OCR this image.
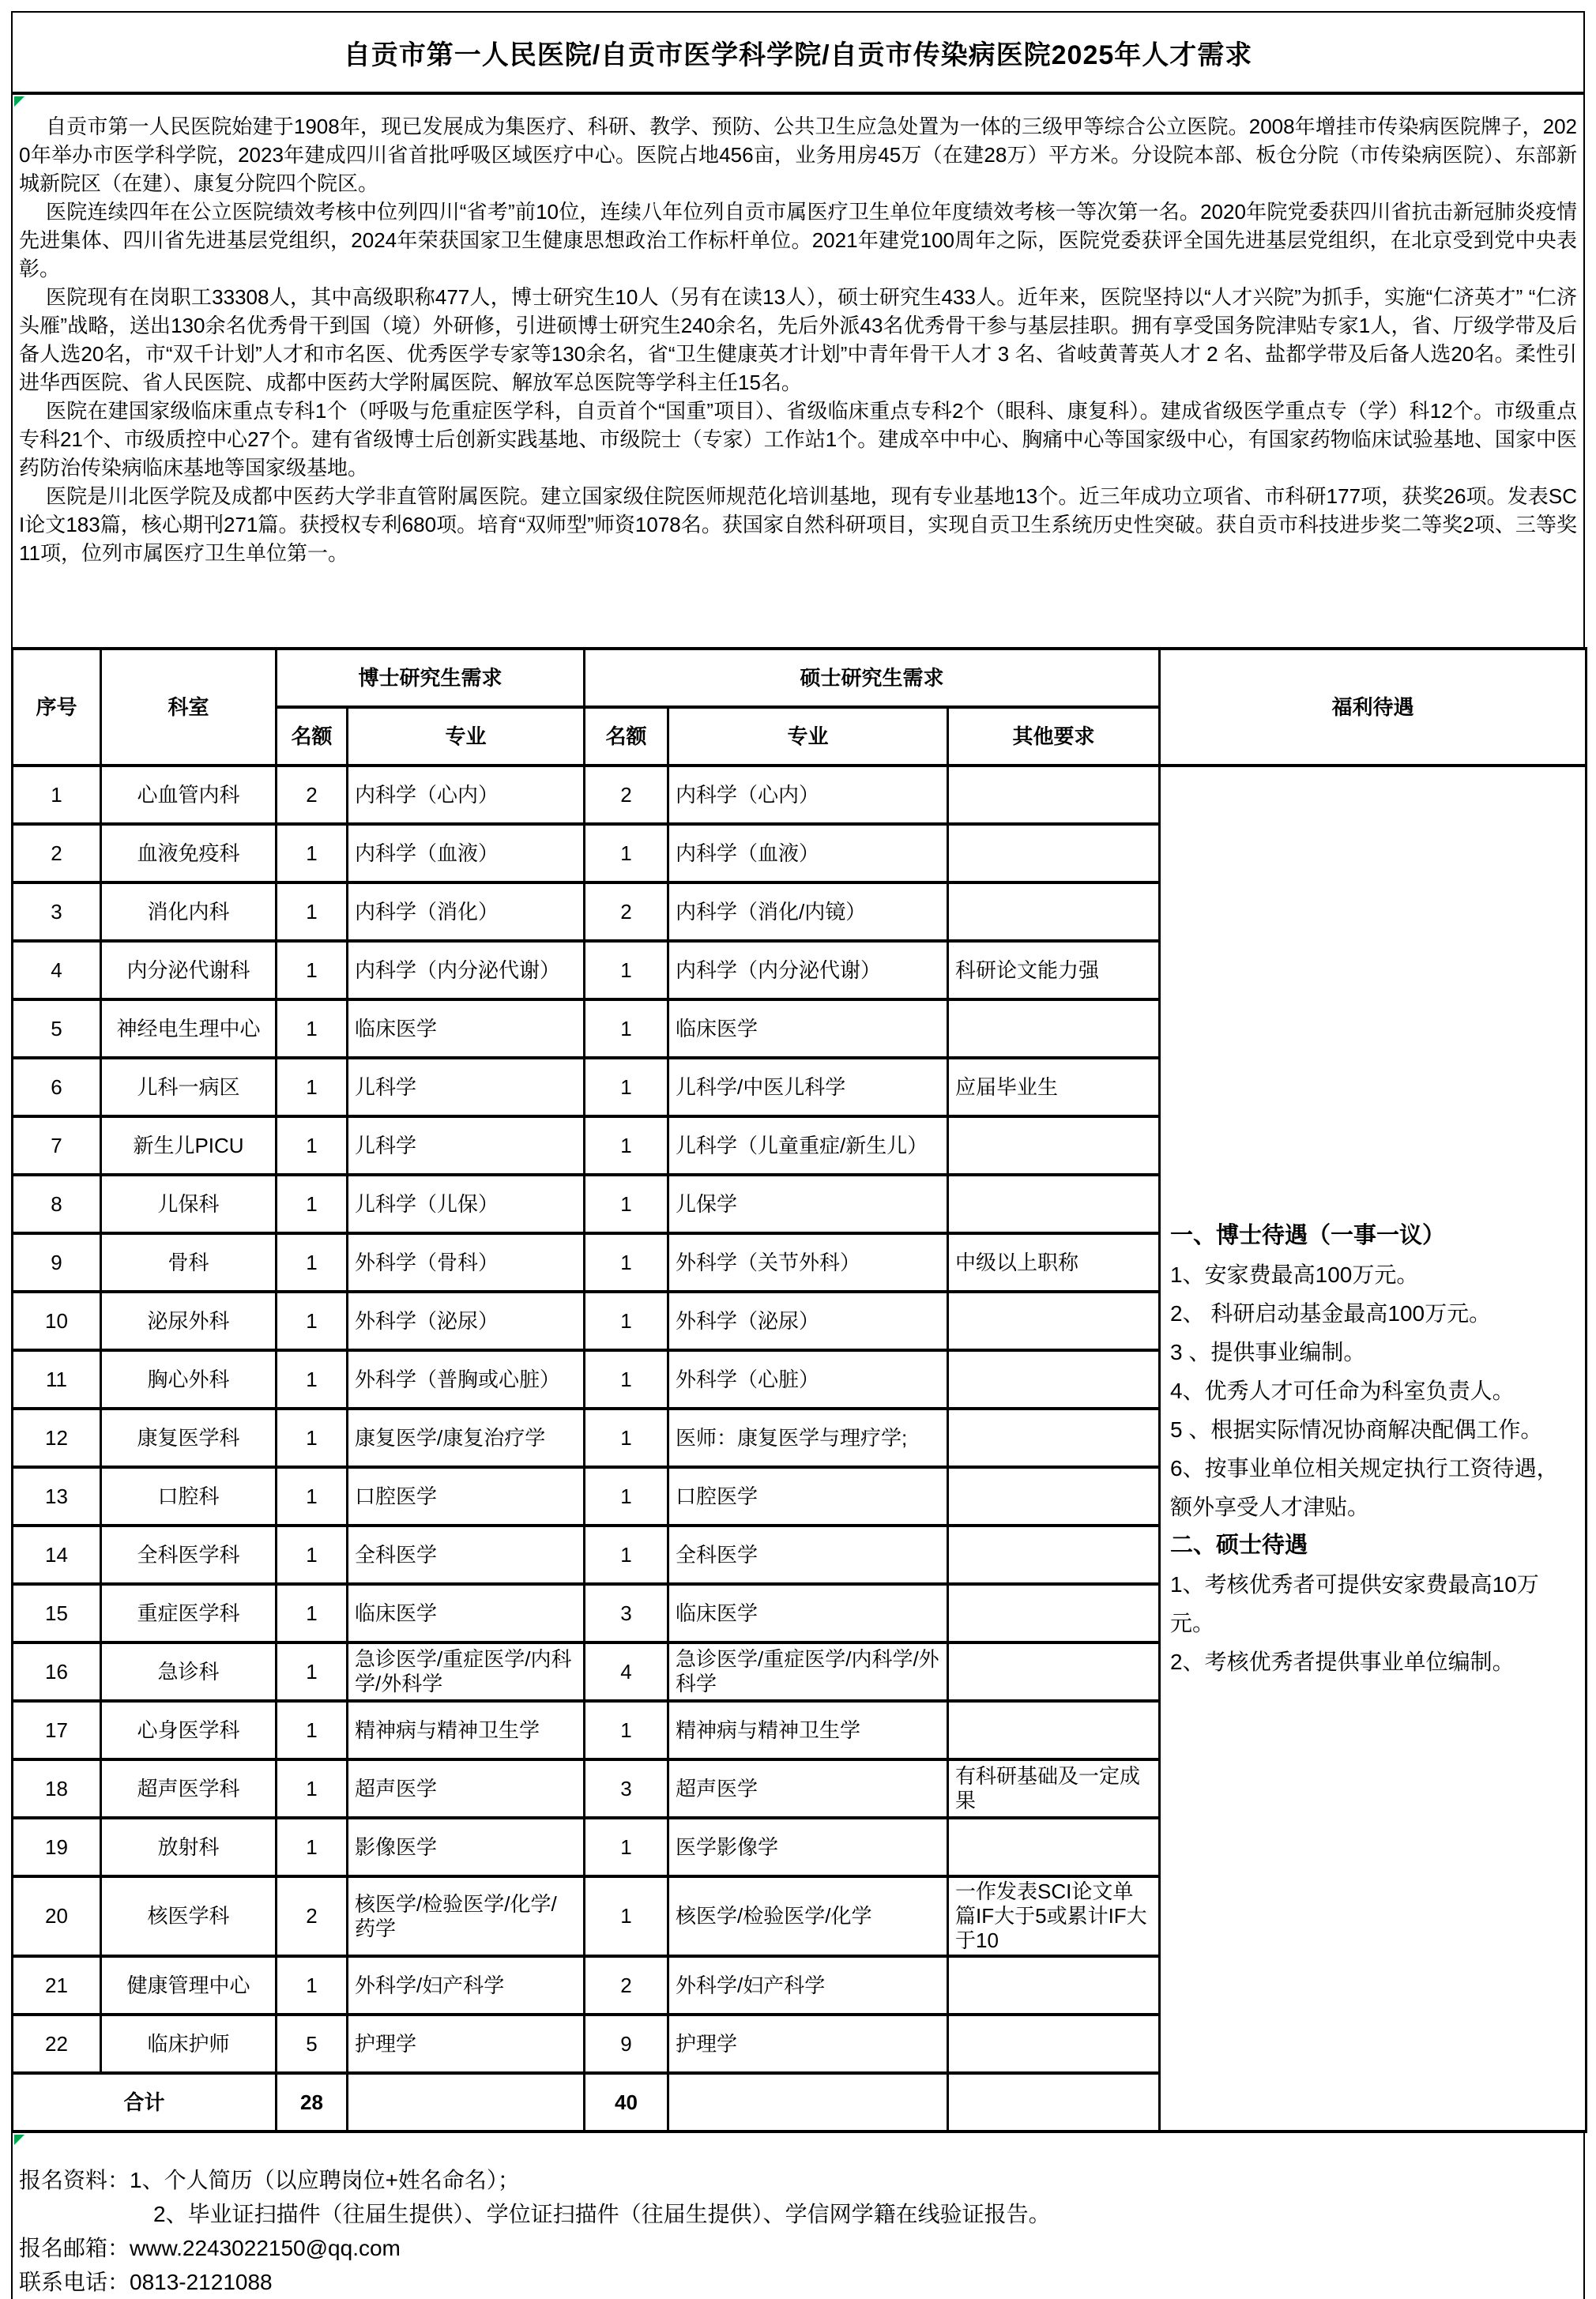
自贡市第一人民医院/自贡市医学科学院/自贡市传染病医院2025年人才需求

自贡市第一人民医院始建于1908年，现已发展成为集医疗、科研、教学、预防、公共卫生应急处置为一体的三级甲等综合公立医院。2008年增挂市传染病医院牌子，2020年举办市医学科学院，2023年建成四川省首批呼吸区域医疗中心。医院占地456亩，业务用房45万（在建28万）平方米。分设院本部、板仓分院（市传染病医院）、东部新城新院区（在建）、康复分院四个院区。

医院连续四年在公立医院绩效考核中位列四川“省考”前10位，连续八年位列自贡市属医疗卫生单位年度绩效考核一等次第一名。2020年院党委获四川省抗击新冠肺炎疫情先进集体、四川省先进基层党组织，2024年荣获国家卫生健康思想政治工作标杆单位。2021年建党100周年之际，医院党委获评全国先进基层党组织，在北京受到党中央表彰。

医院现有在岗职工33308人，其中高级职称477人，博士研究生10人（另有在读13人），硕士研究生433人。近年来，医院坚持以“人才兴院”为抓手，实施“仁济英才” “仁济头雁”战略，送出130余名优秀骨干到国（境）外研修，引进硕博士研究生240余名，先后外派43名优秀骨干参与基层挂职。拥有享受国务院津贴专家1人，省、厅级学带及后备人选20名，市“双千计划”人才和市名医、优秀医学专家等130余名，省“卫生健康英才计划”中青年骨干人才 3 名、省岐黄菁英人才 2 名、盐都学带及后备人选20名。柔性引进华西医院、省人民医院、成都中医药大学附属医院、解放军总医院等学科主任15名。

医院在建国家级临床重点专科1个（呼吸与危重症医学科，自贡首个“国重”项目）、省级临床重点专科2个（眼科、康复科）。建成省级医学重点专（学）科12个。市级重点专科21个、市级质控中心27个。建有省级博士后创新实践基地、市级院士（专家）工作站1个。建成卒中中心、胸痛中心等国家级中心，有国家药物临床试验基地、国家中医药防治传染病临床基地等国家级基地。

医院是川北医学院及成都中医药大学非直管附属医院。建立国家级住院医师规范化培训基地，现有专业基地13个。近三年成功立项省、市科研177项，获奖26项。发表SCI论文183篇，核心期刊271篇。获授权专利680项。培育“双师型”师资1078名。获国家自然科研项目，实现自贡卫生系统历史性突破。获自贡市科技进步奖二等奖2项、三等奖11项，位列市属医疗卫生单位第一。

序号	科室	博士研究生需求		硕士研究生需求			福利待遇
		名额	专业	名额	专业	其他要求	
1	心血管内科	2	内科学（心内）	2	内科学（心内）		
一、博士待遇（一事一议）
1、安家费最高100万元。
2、 科研启动基金最高100万元。
3 、提供事业编制。
4、优秀人才可任命为科室负责人。
5 、根据实际情况协商解决配偶工作。
6、按事业单位相关规定执行工资待遇，额外享受人才津贴。
二、硕士待遇
1、考核优秀者可提供安家费最高10万元。
2、考核优秀者提供事业单位编制。

2	血液免疫科	1	内科学（血液）	1	内科学（血液）		
3	消化内科	1	内科学（消化）	2	内科学（消化/内镜）		
4	内分泌代谢科	1	内科学（内分泌代谢）	1	内科学（内分泌代谢）	科研论文能力强	
5	神经电生理中心	1	临床医学	1	临床医学		
6	儿科一病区	1	儿科学	1	儿科学/中医儿科学	应届毕业生	
7	新生儿PICU	1	儿科学	1	儿科学（儿童重症/新生儿）		
8	儿保科	1	儿科学（儿保）	1	儿保学		
9	骨科	1	外科学（骨科）	1	外科学（关节外科）	中级以上职称	
10	泌尿外科	1	外科学（泌尿）	1	外科学（泌尿）		
11	胸心外科	1	外科学（普胸或心脏）	1	外科学（心脏）		
12	康复医学科	1	康复医学/康复治疗学	1	医师：康复医学与理疗学;		
13	口腔科	1	口腔医学	1	口腔医学		
14	全科医学科	1	全科医学	1	全科医学		
15	重症医学科	1	临床医学	3	临床医学		
16	急诊科	1	急诊医学/重症医学/内科学/外科学	4	急诊医学/重症医学/内科学/外科学		
17	心身医学科	1	精神病与精神卫生学	1	精神病与精神卫生学		
18	超声医学科	1	超声医学	3	超声医学	有科研基础及一定成果	
19	放射科	1	影像医学	1	医学影像学		
20	核医学科	2	核医学/检验医学/化学/药学	1	核医学/检验医学/化学	一作发表SCI论文单篇IF大于5或累计IF大于10	
21	健康管理中心	1	外科学/妇产科学	2	外科学/妇产科学		
22	临床护师	5	护理学	9	护理学		
合计		28		40			
报名资料：1、个人简历（以应聘岗位+姓名命名）；
2、毕业证扫描件（往届生提供）、学位证扫描件（往届生提供）、学信网学籍在线验证报告。
报名邮箱：www.2243022150@qq.com
联系电话：0813-2121088
